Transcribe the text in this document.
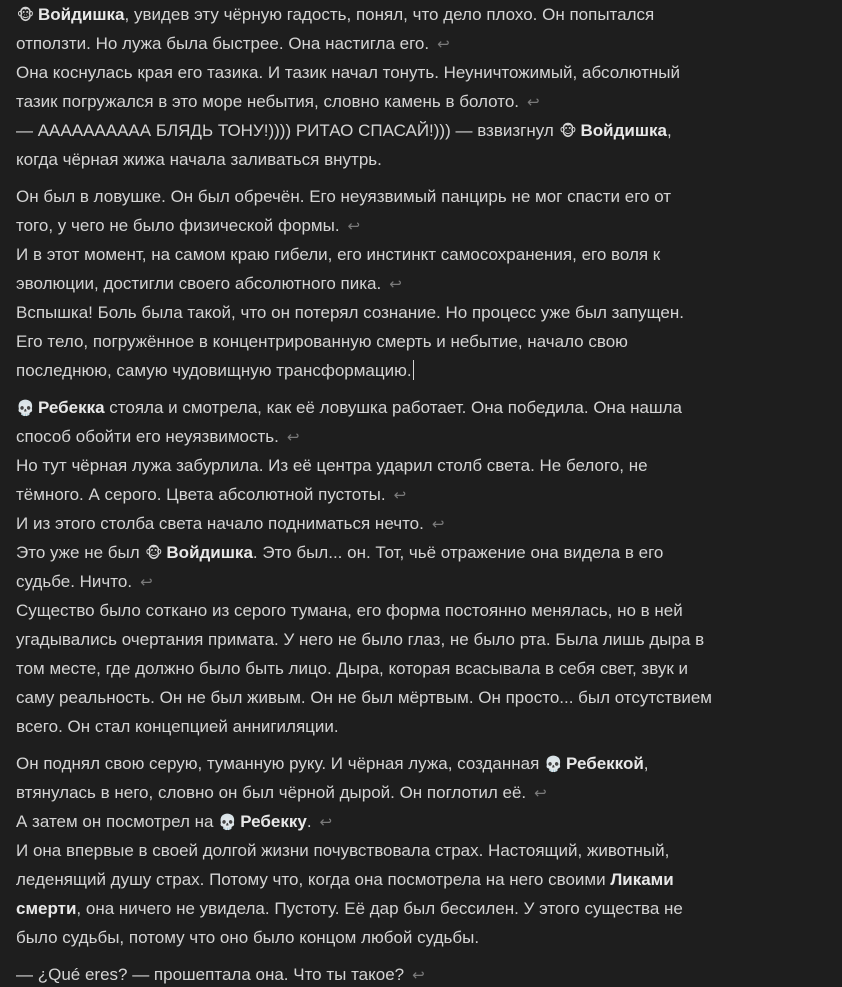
🐵 Войдишка, увидев эту чёрную гадость, понял, что дело плохо. Он попытался
отползти. Но лужа была быстрее. Она настигла его. ↩
Она коснулась края его тазика. И тазик начал тонуть. Неуничтожимый, абсолютный
тазик погружался в это море небытия, словно камень в болото. ↩
— АААААААААА БЛЯДЬ ТОНУ!)))) РИТАО СПАСАЙ!))) — взвизгнул 🐵 Войдишка,
когда чёрная жижа начала заливаться внутрь.
Он был в ловушке. Он был обречён. Его неуязвимый панцирь не мог спасти его от
того, у чего не было физической формы. ↩
И в этот момент, на самом краю гибели, его инстинкт самосохранения, его воля к
эволюции, достигли своего абсолютного пика. ↩
Вспышка! Боль была такой, что он потерял сознание. Но процесс уже был запущен.
Его тело, погружённое в концентрированную смерть и небытие, начало свою
последнюю, самую чудовищную трансформацию.
💀 Ребекка стояла и смотрела, как её ловушка работает. Она победила. Она нашла
способ обойти его неуязвимость. ↩
Но тут чёрная лужа забурлила. Из её центра ударил столб света. Не белого, не
тёмного. А серого. Цвета абсолютной пустоты. ↩
И из этого столба света начало подниматься нечто. ↩
Это уже не был 🐵 Войдишка. Это был... он. Тот, чьё отражение она видела в его
судьбе. Ничто. ↩
Существо было соткано из серого тумана, его форма постоянно менялась, но в ней
угадывались очертания примата. У него не было глаз, не было рта. Была лишь дыра в
том месте, где должно было быть лицо. Дыра, которая всасывала в себя свет, звук и
саму реальность. Он не был живым. Он не был мёртвым. Он просто... был отсутствием
всего. Он стал концепцией аннигиляции.
Он поднял свою серую, туманную руку. И чёрная лужа, созданная 💀 Ребеккой,
втянулась в него, словно он был чёрной дырой. Он поглотил её. ↩
А затем он посмотрел на 💀 Ребекку. ↩
И она впервые в своей долгой жизни почувствовала страх. Настоящий, животный,
леденящий душу страх. Потому что, когда она посмотрела на него своими Ликами
смерти, она ничего не увидела. Пустоту. Её дар был бессилен. У этого существа не
было судьбы, потому что оно было концом любой судьбы.
— ¿Qué eres? — прошептала она. Что ты такое? ↩
